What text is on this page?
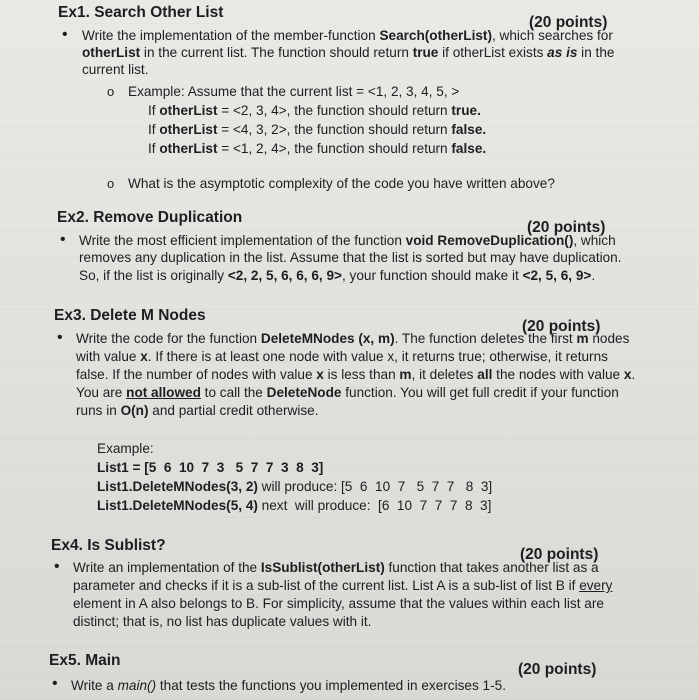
Ex1. Search Other List
(20 points)
• Write the implementation of the member-function Search(otherList), which searches for
otherList in the current list. The function should return true if otherList exists as is in the
current list.
o Example: Assume that the current list = <1, 2, 3, 4, 5, >
If otherList = <2, 3, 4>, the function should return true.
If otherList = <4, 3, 2>, the function should return false.
If otherList = <1, 2, 4>, the function should return false.
o What is the asymptotic complexity of the code you have written above?
Ex2. Remove Duplication
(20 points)
• Write the most efficient implementation of the function void RemoveDuplication(), which
removes any duplication in the list. Assume that the list is sorted but may have duplication.
So, if the list is originally <2, 2, 5, 6, 6, 6, 9>, your function should make it <2, 5, 6, 9>.
Ex3. Delete M Nodes
(20 points)
• Write the code for the function DeleteMNodes (x, m). The function deletes the first m nodes
with value x. If there is at least one node with value x, it returns true; otherwise, it returns
false. If the number of nodes with value x is less than m, it deletes all the nodes with value x.
You are not allowed to call the DeleteNode function. You will get full credit if your function
runs in O(n) and partial credit otherwise.
Example:
List1 = [5  6  10  7  3   5  7  7  3  8  3]
List1.DeleteMNodes(3, 2) will produce: [5  6  10  7   5  7  7   8  3]
List1.DeleteMNodes(5, 4) next  will produce:  [6  10  7  7  7  8  3]
Ex4. Is Sublist?
(20 points)
• Write an implementation of the IsSublist(otherList) function that takes another list as a
parameter and checks if it is a sub-list of the current list. List A is a sub-list of list B if every
element in A also belongs to B. For simplicity, assume that the values within each list are
distinct; that is, no list has duplicate values with it.
Ex5. Main
(20 points)
• Write a main() that tests the functions you implemented in exercises 1-5.
